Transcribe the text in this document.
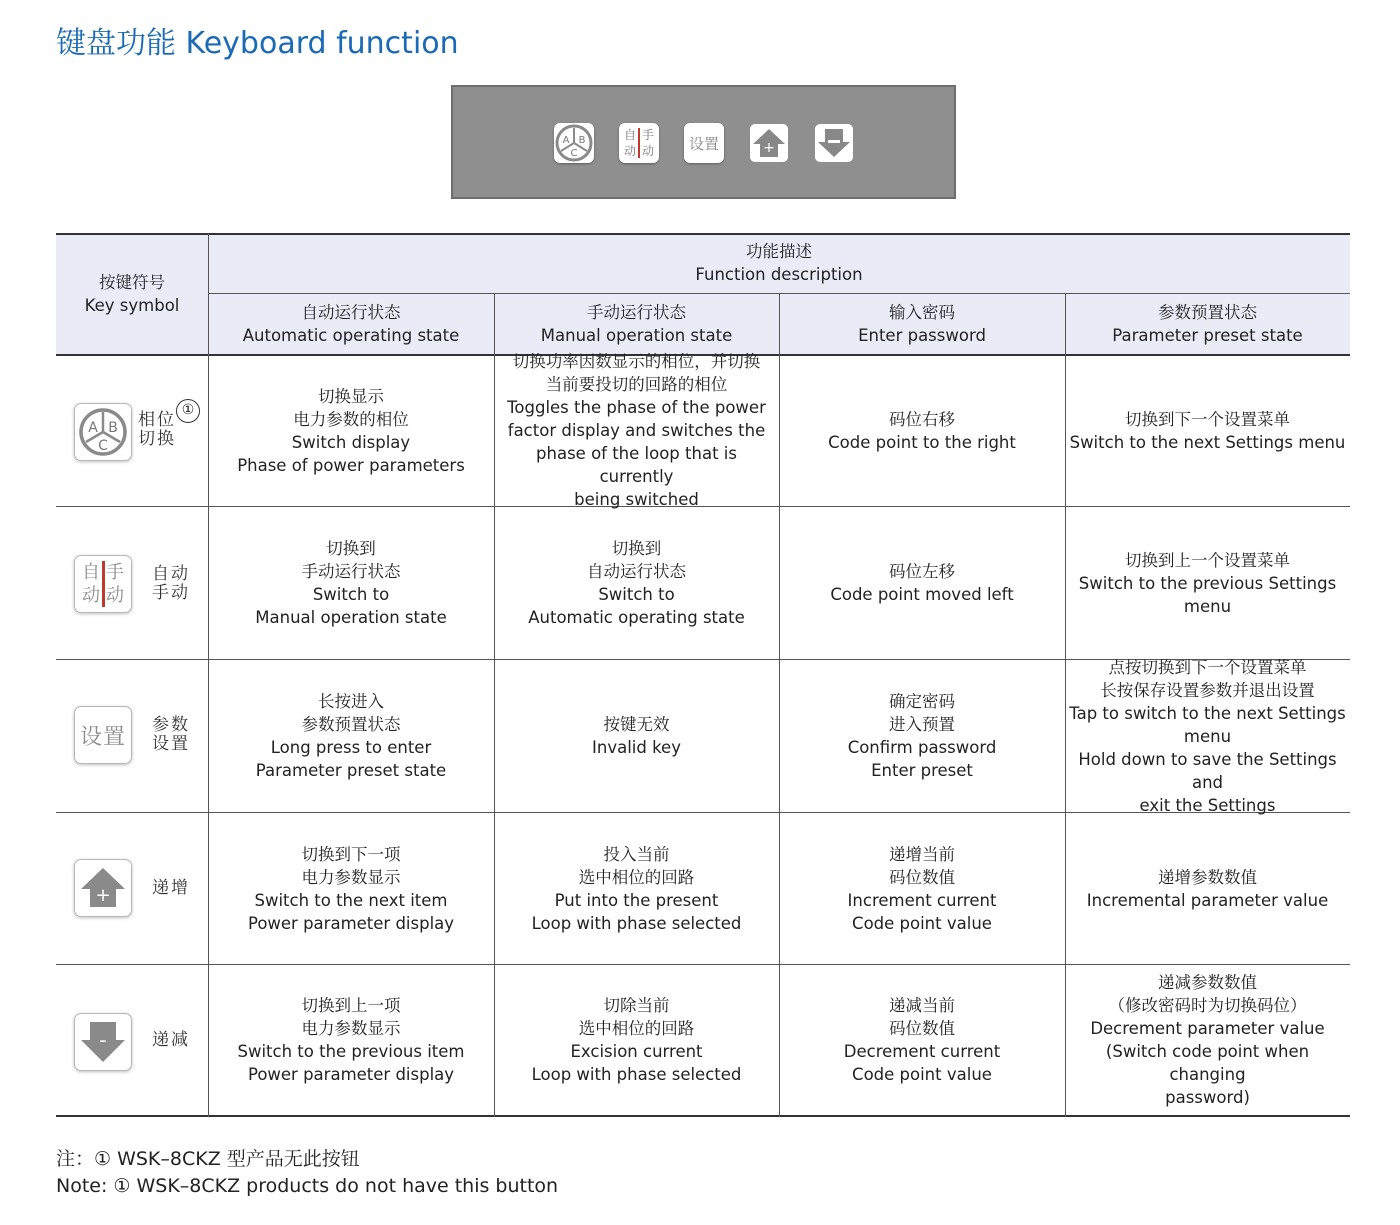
键盘功能 Keyboard function
A B
C
自 手
动 动 设置	+
按键符号
Key symbol
功能描述
Function description
自动运行状态
Automatic operating state
手动运行状态
Manual operation state
输入密码
Enter password
参数预置状态
Parameter preset state
A B
C
相位切换
①
切换显示
电力参数的相位
Switch display
Phase of power parameters
切换功率因数显示的相位，并切换
当前要投切的回路的相位
Toggles the phase of the power
factor display and switches the
phase of the loop that is currently
being switched
码位右移
Code point to the right
切换到下一个设置菜单
Switch to the next Settings menu
自 手
动 动
自动手动
切换到
手动运行状态
Switch to
Manual operation state
切换到
自动运行状态
Switch to
Automatic operating state
码位左移
Code point moved left
切换到上一个设置菜单
Switch to the previous Settings
menu
设置 参数设置
长按进入
参数预置状态
Long press to enter
Parameter preset state
按键无效
Invalid key
确定密码
进入预置
Confirm password
Enter preset
点按切换到下一个设置菜单
长按保存设置参数并退出设置
Tap to switch to the next Settings
menu
Hold down to save the Settings and
exit the Settings
+ 递增
切换到下一项
电力参数显示
Switch to the next item
Power parameter display
投入当前
选中相位的回路
Put into the present
Loop with phase selected
递增当前
码位数值
Increment current
Code point value
递增参数数值
Incremental parameter value
-	递减
切换到上一项
电力参数显示
Switch to the previous item
Power parameter display
切除当前
选中相位的回路
Excision current
Loop with phase selected
递减当前
码位数值
Decrement current
Code point value
递减参数数值
（修改密码时为切换码位）
Decrement parameter value
(Switch code point when changing
password)
注：① WSK–8CKZ 型产品无此按钮
Note: ① WSK–8CKZ products do not have this button
